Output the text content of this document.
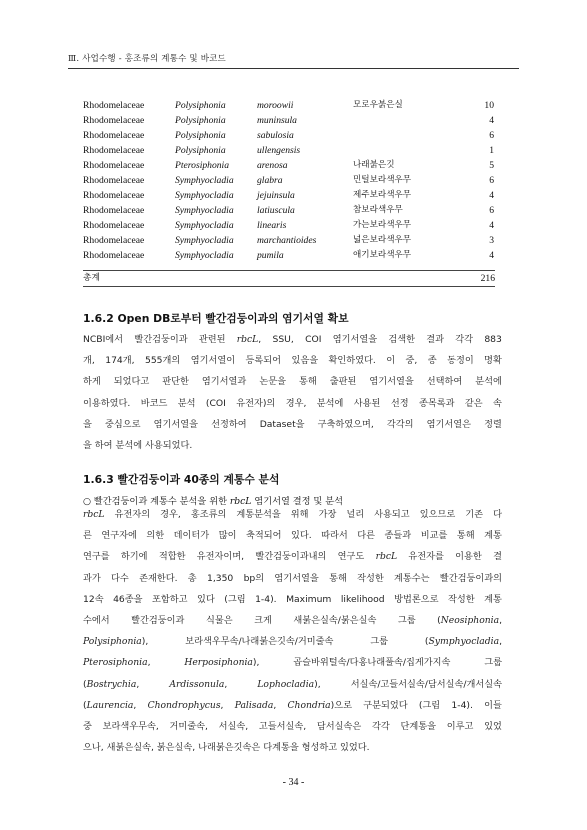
Ⅲ. 사업수행 - 홍조류의 계통수 및 바코드
Rhodomelaceae	Polysiphonia	moroowii	모로우붉은실	10
Rhodomelaceae	Polysiphonia	muninsula		4
Rhodomelaceae	Polysiphonia	sabulosia		6
Rhodomelaceae	Polysiphonia	ullengensis		1
Rhodomelaceae	Pterosiphonia	arenosa	나래붉은깃	5
Rhodomelaceae	Symphyocladia	glabra	민털보라색우무	6
Rhodomelaceae	Symphyocladia	jejuinsula	제주보라색우무	4
Rhodomelaceae	Symphyocladia	latiuscula	참보라색우무	6
Rhodomelaceae	Symphyocladia	linearis	가는보라색우무	4
Rhodomelaceae	Symphyocladia	marchantioides	넓은보라색우무	3
Rhodomelaceae	Symphyocladia	pumila	애기보라색우무	4
총계	216
1.6.2 Open DB로부터 빨간검둥이과의 염기서열 확보
NCBI에서 빨간검둥이과 관련된 rbcL, SSU, COI 염기서열을 검색한 결과 각각 883
개, 174개, 555개의 염기서열이 등록되어 있음을 확인하였다. 이 중, 종 동정이 명확
하게 되었다고 판단한 염기서열과 논문을 통해 출판된 염기서열을 선택하여 분석에
이용하였다. 바코드 분석 (COI 유전자)의 경우, 분석에 사용된 선정 종목록과 같은 속
을 중심으로 염기서열을 선정하여 Dataset을 구축하였으며, 각각의 염기서열은 정렬
을 하여 분석에 사용되었다.
1.6.3 빨간검둥이과 40종의 계통수 분석
○ 빨간검둥이과 계통수 분석을 위한 rbcL 염기서열 결정 및 분석
rbcL 유전자의 경우, 홍조류의 계통분석을 위해 가장 널리 사용되고 있으므로 기존 다
른 연구자에 의한 데이터가 많이 축적되어 있다. 따라서 다른 종들과 비교를 통해 계통
연구를 하기에 적합한 유전자이며, 빨간검둥이과내의 연구도 rbcL 유전자를 이용한 결
과가 다수 존재한다. 총 1,350 bp의 염기서열을 통해 작성한 계통수는 빨간검둥이과의
12속 46종을 포함하고 있다 (그림 1-4). Maximum likelihood 방법론으로 작성한 계통
수에서 빨간검둥이과 식물은 크게 새붉은실속/붉은실속 그룹 (Neosiphonia,
Polysiphonia),	보라색우무속/나래붉은깃속/거미줄속	그룹	(Symphyocladia,
Pterosiphonia,	Herposiphonia),	곱슬바위털속/다홍나래풀속/집게가지속	그룹
(Bostrychia,	Ardissonula,	Lophocladia),	서실속/고들서실속/담서실속/개서실속
(Laurencia, Chondrophycus, Palisada, Chondria)으로 구분되었다 (그림 1-4). 이들
중 보라색우무속, 거미줄속, 서실속, 고들서실속, 담서실속은 각각 단계통을 이루고 있었
으나, 새붉은실속, 붉은실속, 나래붉은깃속은 다계통을 형성하고 있었다.
- 34 -
